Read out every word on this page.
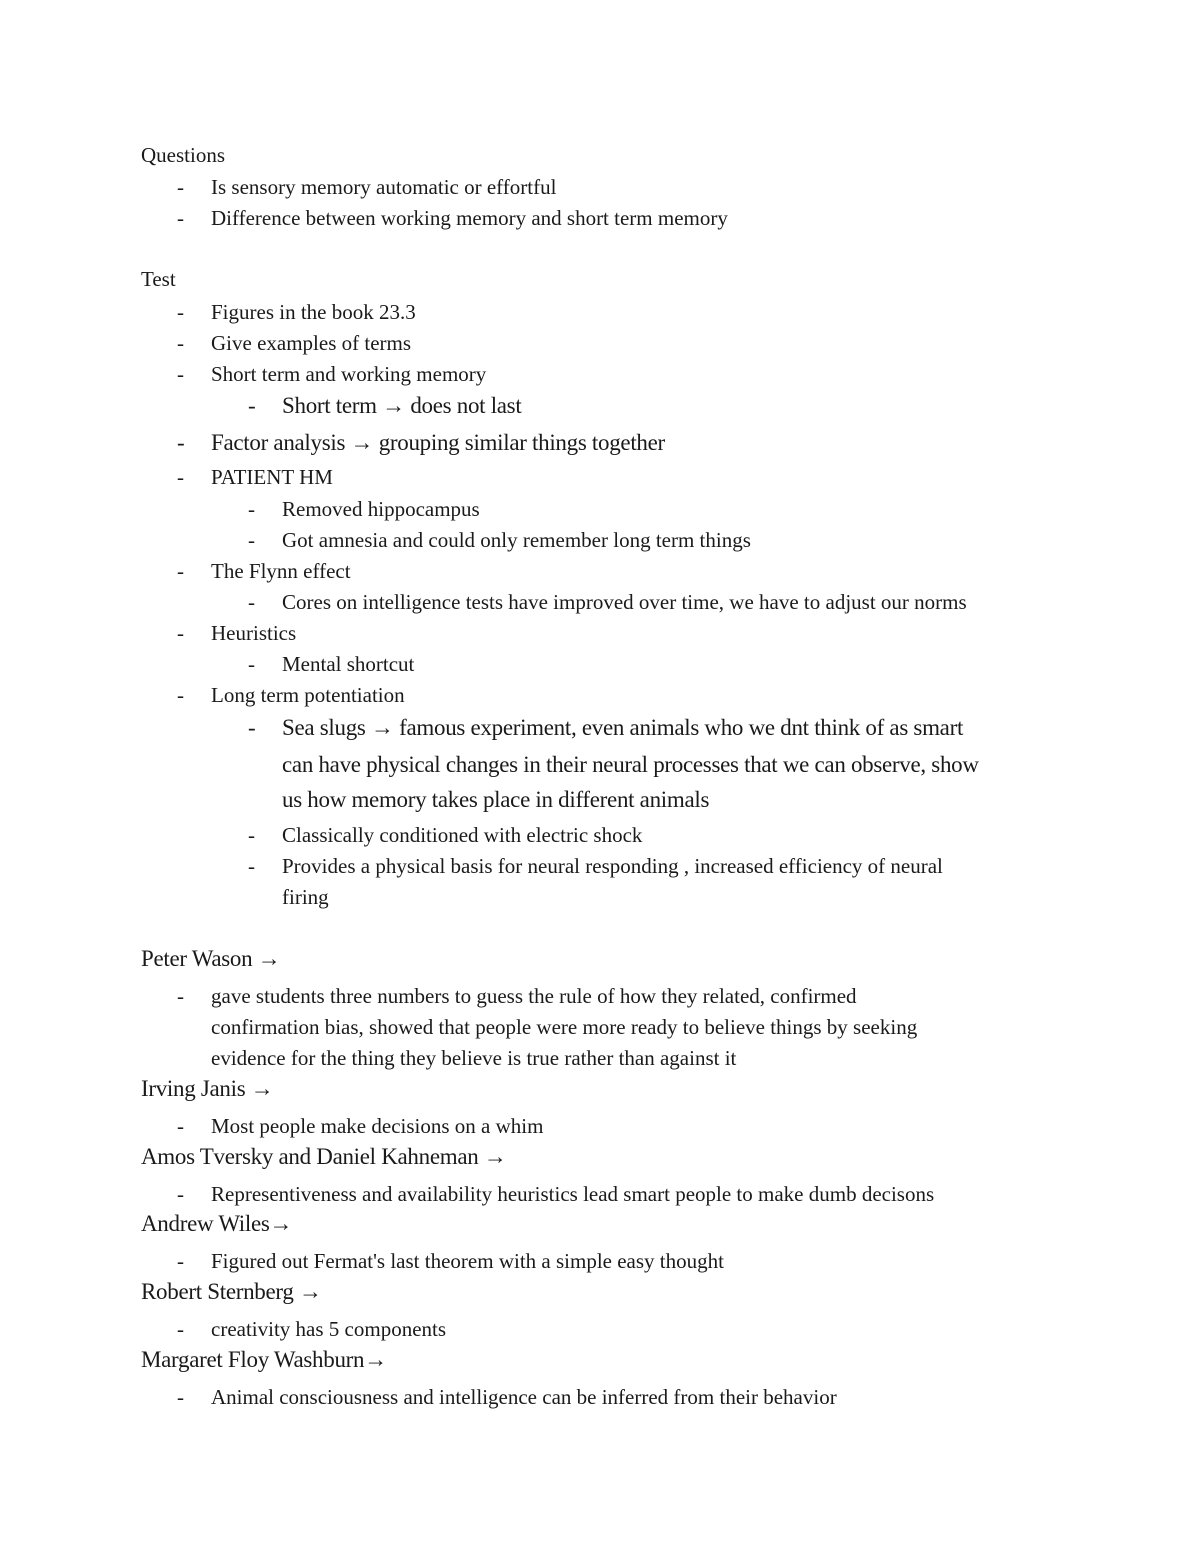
Questions
- Is sensory memory automatic or effortful
- Difference between working memory and short term memory
Test
- Figures in the book 23.3
- Give examples of terms
- Short term and working memory
- Short term → does not last
- Factor analysis → grouping similar things together
- PATIENT HM
- Removed hippocampus
- Got amnesia and could only remember long term things
- The Flynn effect
- Cores on intelligence tests have improved over time, we have to adjust our norms
- Heuristics
- Mental shortcut
- Long term potentiation
- Sea slugs → famous experiment, even animals who we dnt think of as smart
can have physical changes in their neural processes that we can observe, show
us how memory takes place in different animals
- Classically conditioned with electric shock
- Provides a physical basis for neural responding , increased efficiency of neural
firing
Peter Wason →
- gave students three numbers to guess the rule of how they related, confirmed
confirmation bias, showed that people were more ready to believe things by seeking
evidence for the thing they believe is true rather than against it
Irving Janis →
- Most people make decisions on a whim
Amos Tversky and Daniel Kahneman →
- Representiveness and availability heuristics lead smart people to make dumb decisons
Andrew Wiles→
- Figured out Fermat's last theorem with a simple easy thought
Robert Sternberg →
- creativity has 5 components
Margaret Floy Washburn→
- Animal consciousness and intelligence can be inferred from their behavior
